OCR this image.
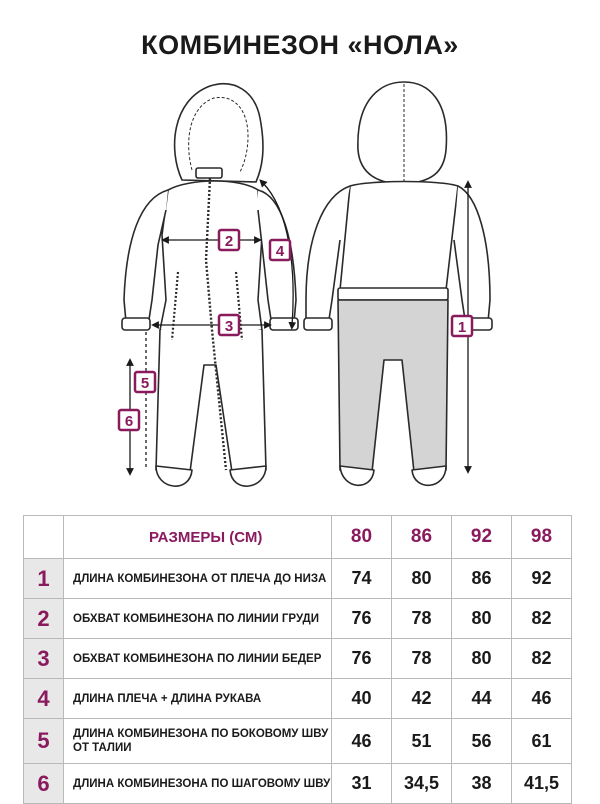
КОМБИНЕЗОН «НОЛА»
2
3
4
5
6
1
	РАЗМЕРЫ (СМ)	80	86	92	98
1	ДЛИНА КОМБИНЕЗОНА ОТ ПЛЕЧА ДО НИЗА	74	80	86	92
2	ОБХВАТ КОМБИНЕЗОНА ПО ЛИНИИ ГРУДИ	76	78	80	82
3	ОБХВАТ КОМБИНЕЗОНА ПО ЛИНИИ БЕДЕР	76	78	80	82
4	ДЛИНА ПЛЕЧА + ДЛИНА РУКАВА	40	42	44	46
5	ДЛИНА КОМБИНЕЗОНА ПО БОКОВОМУ ШВУ ОТ ТАЛИИ	46	51	56	61
6	ДЛИНА КОМБИНЕЗОНА ПО ШАГОВОМУ ШВУ	31	34,5	38	41,5
